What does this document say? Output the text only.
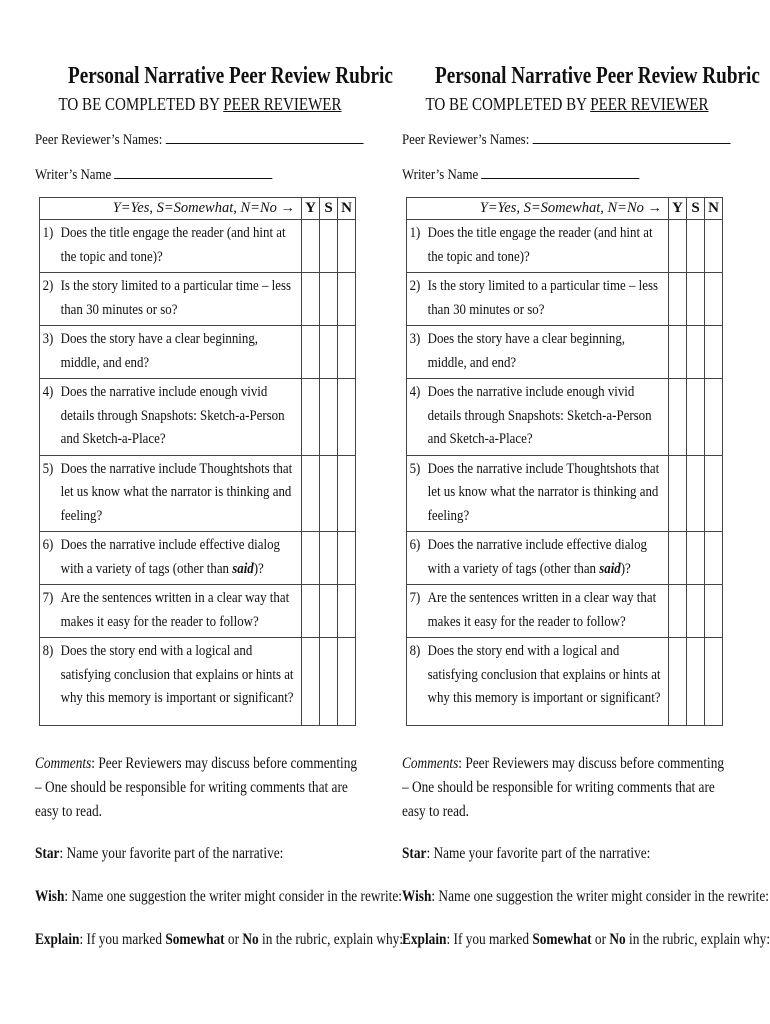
Personal Narrative Peer Review Rubric
TO BE COMPLETED BY PEER REVIEWER
Peer Reviewer’s Names:
Writer’s Name
Y=Yes, S=Somewhat, N=No →	Y	S	N

1) Does the title engage the reader (and hint at the topic and tone)?			

2) Is the story limited to a particular time – less than 30 minutes or so?			

3) Does the story have a clear beginning, middle, and end?			

4) Does the narrative include enough vivid details through Snapshots: Sketch-a-Person and Sketch-a-Place?			

5) Does the narrative include Thoughtshots that let us know what the narrator is thinking and feeling?			

6) Does the narrative include effective dialog with a variety of tags (other than said)?			

7) Are the sentences written in a clear way that makes it easy for the reader to follow?			

8) Does the story end with a logical and satisfying conclusion that explains or hints at why this memory is important or significant?			

Comments: Peer Reviewers may discuss before commenting – One should be responsible for writing comments that are easy to read.
Star: Name your favorite part of the narrative:
Wish: Name one suggestion the writer might consider in the rewrite:
Explain: If you marked Somewhat or No in the rubric, explain why:
Personal Narrative Peer Review Rubric
TO BE COMPLETED BY PEER REVIEWER
Peer Reviewer’s Names:
Writer’s Name
Y=Yes, S=Somewhat, N=No →	Y	S	N

1) Does the title engage the reader (and hint at the topic and tone)?			

2) Is the story limited to a particular time – less than 30 minutes or so?			

3) Does the story have a clear beginning, middle, and end?			

4) Does the narrative include enough vivid details through Snapshots: Sketch-a-Person and Sketch-a-Place?			

5) Does the narrative include Thoughtshots that let us know what the narrator is thinking and feeling?			

6) Does the narrative include effective dialog with a variety of tags (other than said)?			

7) Are the sentences written in a clear way that makes it easy for the reader to follow?			

8) Does the story end with a logical and satisfying conclusion that explains or hints at why this memory is important or significant?			

Comments: Peer Reviewers may discuss before commenting – One should be responsible for writing comments that are easy to read.
Star: Name your favorite part of the narrative:
Wish: Name one suggestion the writer might consider in the rewrite:
Explain: If you marked Somewhat or No in the rubric, explain why:
